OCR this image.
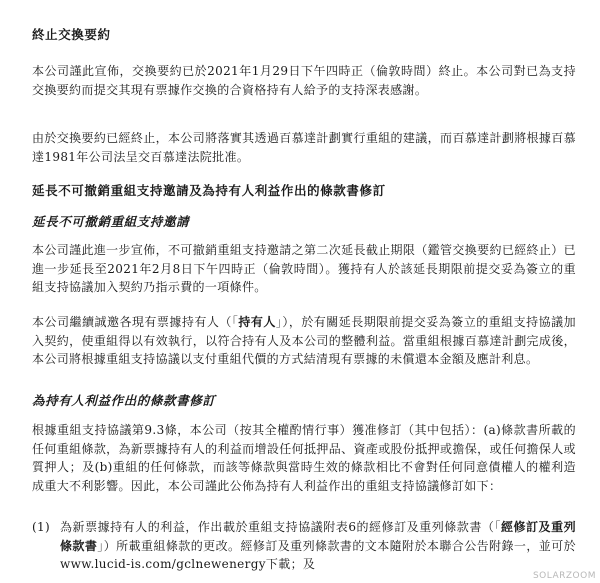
終止交換要約

本公司謹此宣佈，交換要約已於2021年1月29日下午四時正（倫敦時間）終止。本公司對已為支持交換要約而提交其現有票據作交換的合資格持有人給予的支持深表感謝。

由於交換要約已經終止，本公司將落實其透過百慕達計劃實行重組的建議，而百慕達計劃將根據百慕達1981年公司法呈交百慕達法院批准。

延長不可撤銷重組支持邀請及為持有人利益作出的條款書修訂
延長不可撤銷重組支持邀請

本公司謹此進一步宣佈，不可撤銷重組支持邀請之第二次延長截止期限（鑑管交換要約已經終止）已進一步延長至2021年2月8日下午四時正（倫敦時間）。獲持有人於該延長期限前提交妥為簽立的重組支持協議加入契約乃指示費的一項條件。

本公司繼續誠邀各現有票據持有人（「持有人」），於有關延長期限前提交妥為簽立的重組支持協議加入契約，使重組得以有效執行，以符合持有人及本公司的整體利益。當重組根據百慕達計劃完成後，本公司將根據重組支持協議以支付重組代價的方式結清現有票據的未償還本金額及應計利息。

為持有人利益作出的條款書修訂

根據重組支持協議第9.3條，本公司（按其全權酌情行事）獲准修訂（其中包括）：(a)條款書所載的任何重組條款，為新票據持有人的利益而增設任何抵押品、資產或股份抵押或擔保，或任何擔保人或質押人；及(b)重組的任何條款，而該等條款與當時生效的條款相比不會對任何同意債權人的權利造成重大不利影響。因此，本公司謹此公佈為持有人利益作出的重組支持協議修訂如下：

(1) 為新票據持有人的利益，作出載於重組支持協議附表6的經修訂及重列條款書（「經修訂及重列條款書」）所載重組條款的更改。經修訂及重列條款書的文本隨附於本聯合公告附錄一，並可於www.lucid-is.com/gclnewenergy下載；及
SOLARZOOM
